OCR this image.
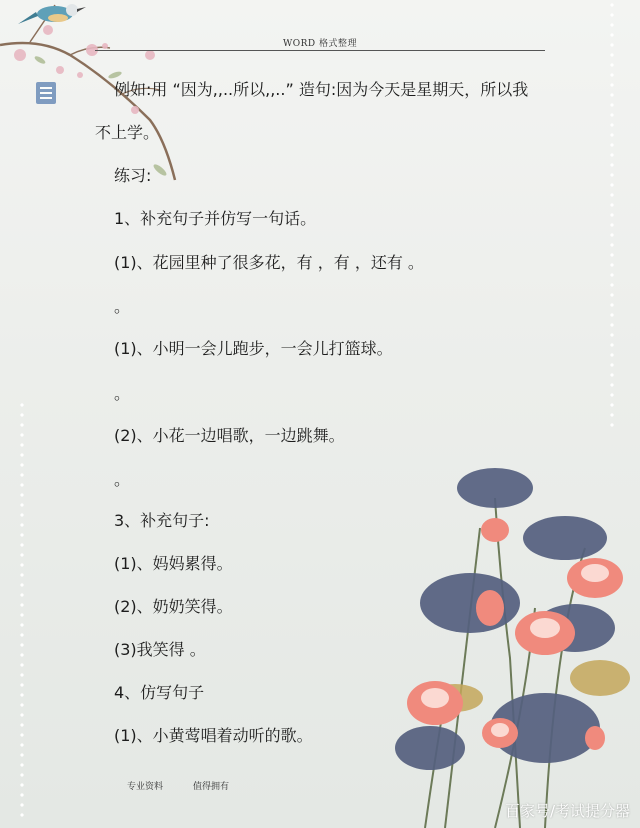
WORD 格式整理
例如:用 “因为,,..所以,,..” 造句:因为今天是星期天，所以我
不上学。
练习:
1、补充句子并仿写一句话。
(1)、花园里种了很多花，有 ，有 ，还有 。
。
(1)、小明一会儿跑步，一会儿打篮球。
。
(2)、小花一边唱歌，一边跳舞。
。
3、补充句子:
(1)、妈妈累得。
(2)、奶奶笑得。
(3)我笑得 。
4、仿写句子
(1)、小黄莺唱着动听的歌。
专业资料	值得拥有
百家号/考试提分器
